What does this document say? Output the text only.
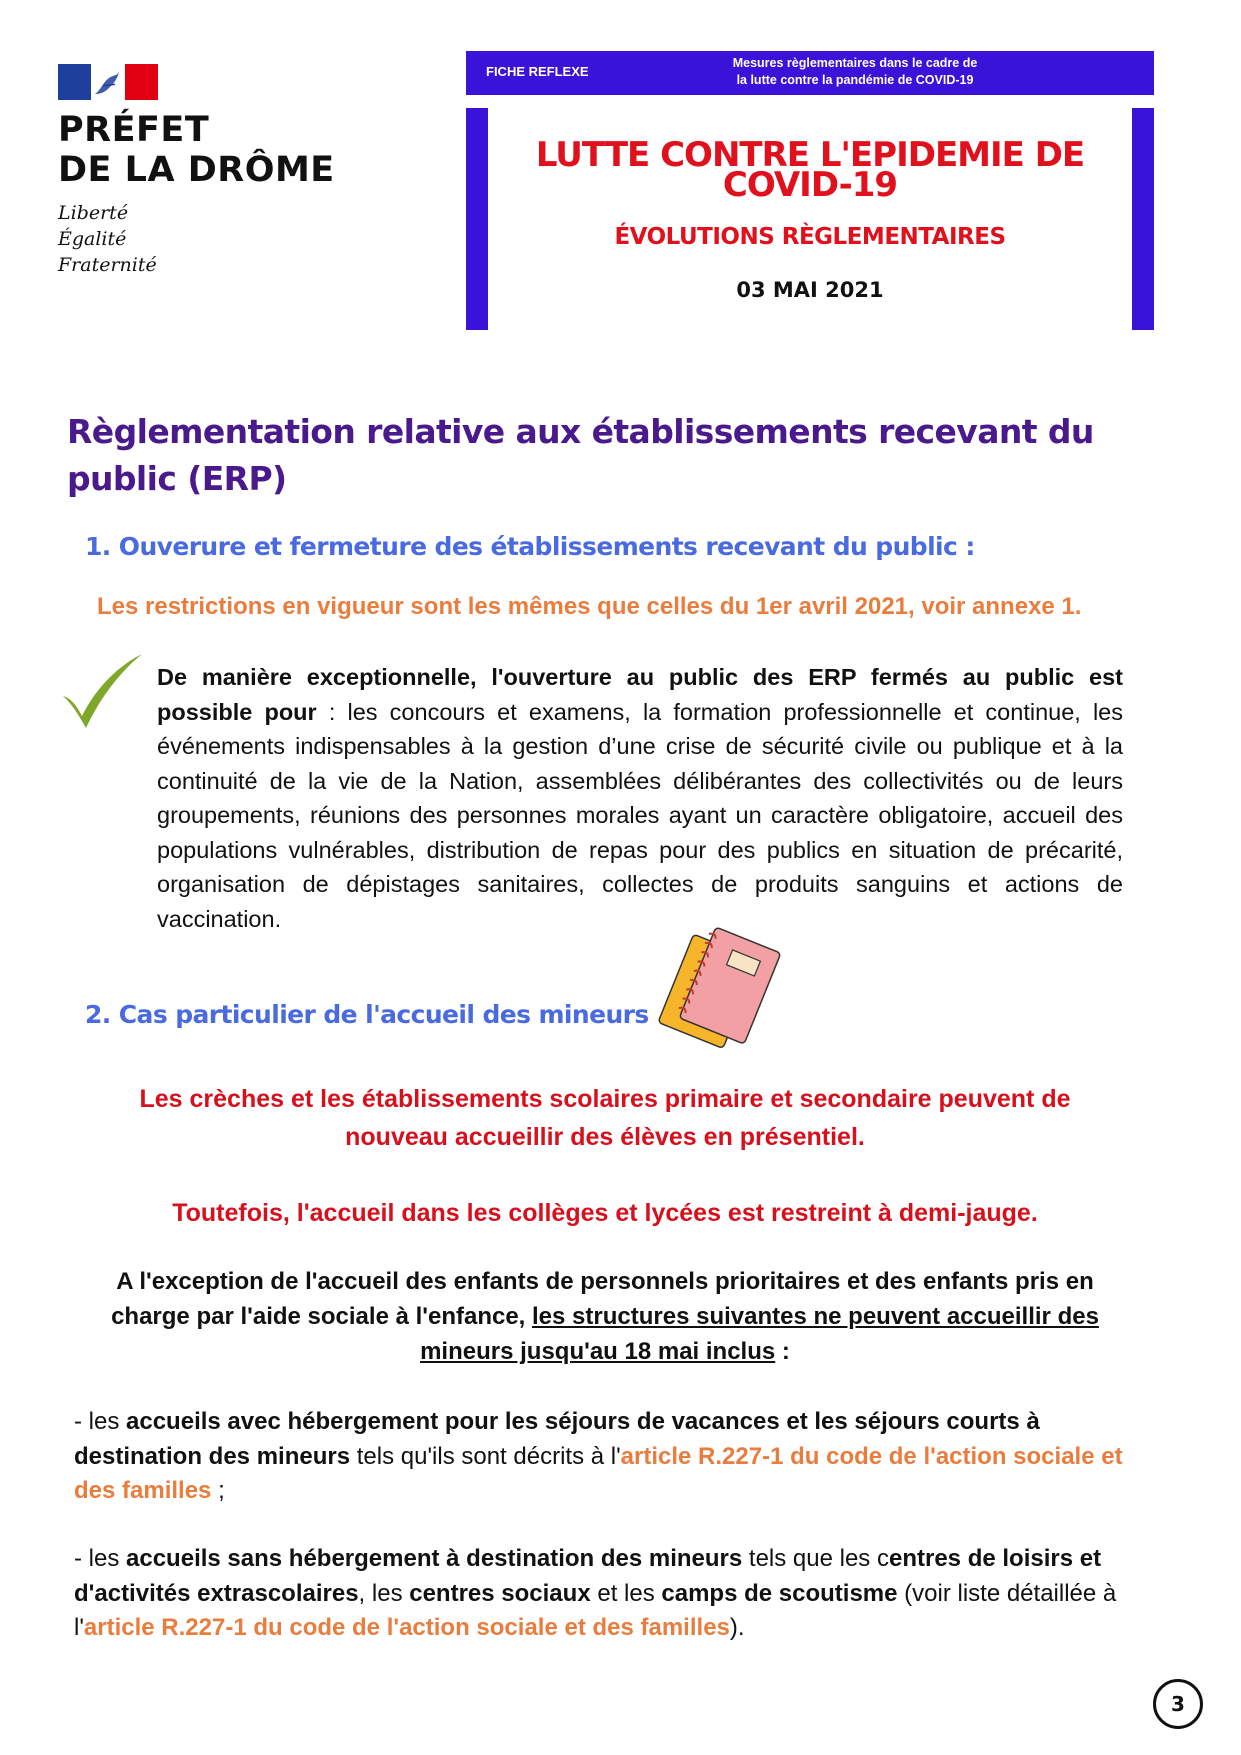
PRÉFET
DE LA DRÔME
Liberté
Égalité
Fraternité
FICHE REFLEXE
Mesures règlementaires dans le cadre de
la lutte contre la pandémie de COVID-19
LUTTE CONTRE L'EPIDEMIE DE
COVID-19
ÉVOLUTIONS RÈGLEMENTAIRES
03 MAI 2021
Règlementation relative aux établissements recevant du
public (ERP)
1. Ouverure et fermeture des établissements recevant du public :
Les restrictions en vigueur sont les mêmes que celles du 1er avril 2021, voir annexe 1.
De manière exceptionnelle, l'ouverture au public des ERP fermés au public est possible pour : les concours et examens, la formation professionnelle et continue, les événements indispensables à la gestion d’une crise de sécurité civile ou publique et à la continuité de la vie de la Nation, assemblées délibérantes des collectivités ou de leurs groupements, réunions des personnes morales ayant un caractère obligatoire, accueil des populations vulnérables, distribution de repas pour des publics en situation de précarité, organisation de dépistages sanitaires, collectes de produits sanguins et actions de vaccination.
2. Cas particulier de l'accueil des mineurs
Les crèches et les établissements scolaires primaire et secondaire peuvent de
nouveau accueillir des élèves en présentiel.
Toutefois, l'accueil dans les collèges et lycées est restreint à demi-jauge.
A l'exception de l'accueil des enfants de personnels prioritaires et des enfants pris en charge par l'aide sociale à l'enfance, les structures suivantes ne peuvent accueillir des mineurs jusqu'au 18 mai inclus :
- les accueils avec hébergement pour les séjours de vacances et les séjours courts à destination des mineurs tels qu'ils sont décrits à l'article R.227-1 du code de l'action sociale et des familles ;
- les accueils sans hébergement à destination des mineurs tels que les centres de loisirs et d'activités extrascolaires, les centres sociaux et les camps de scoutisme (voir liste détaillée à l'article R.227-1 du code de l'action sociale et des familles).
3
